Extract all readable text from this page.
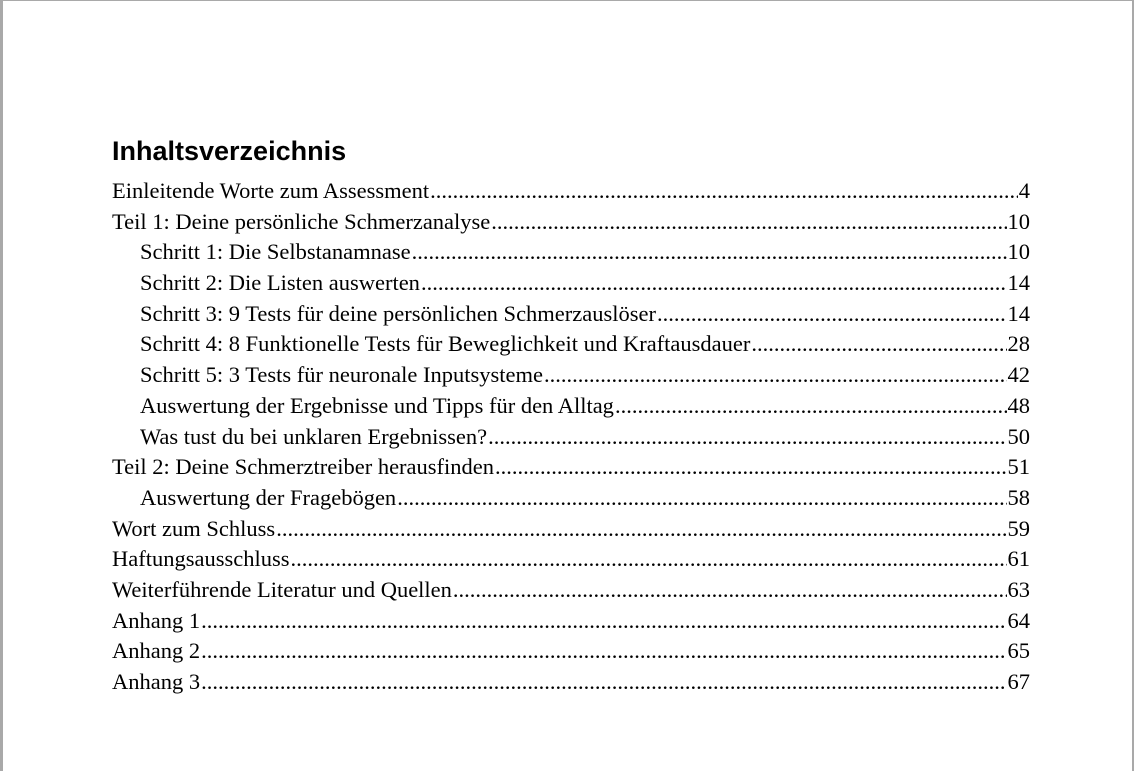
Inhaltsverzeichnis
Einleitende Worte zum Assessment .....	4
Teil 1: Deine persönliche Schmerzanalyse .....	10
Schritt 1: Die Selbstanamnase .....	10
Schritt 2: Die Listen auswerten .....	14
Schritt 3: 9 Tests für deine persönlichen Schmerzauslöser .....	14
Schritt 4: 8 Funktionelle Tests für Beweglichkeit und Kraftausdauer .....	28
Schritt 5: 3 Tests für neuronale Inputsysteme .....	42
Auswertung der Ergebnisse und Tipps für den Alltag .....	48
Was tust du bei unklaren Ergebnissen? .....	50
Teil 2: Deine Schmerztreiber herausfinden .....	51
Auswertung der Fragebögen .....	58
Wort zum Schluss .....	59
Haftungsausschluss .....	61
Weiterführende Literatur und Quellen .....	63
Anhang 1 .....	64
Anhang 2 .....	65
Anhang 3 .....	67
